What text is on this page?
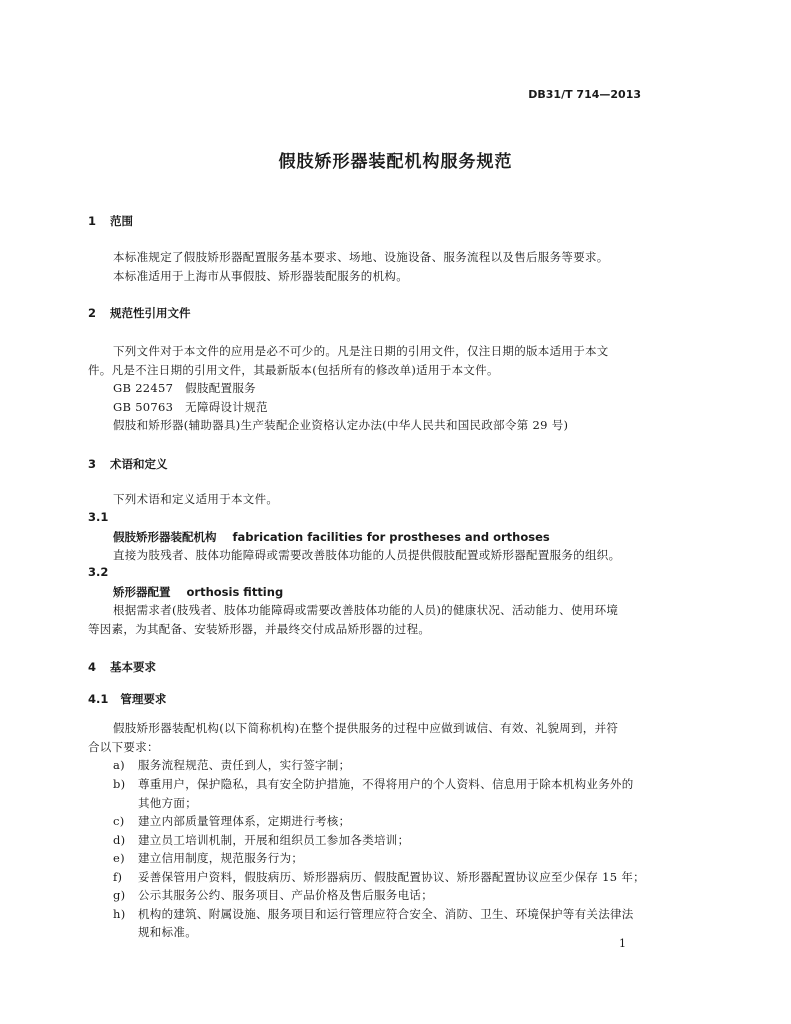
DB31/T 714—2013
假肢矫形器装配机构服务规范
1 范围
本标准规定了假肢矫形器配置服务基本要求、场地、设施设备、服务流程以及售后服务等要求。
本标准适用于上海市从事假肢、矫形器装配服务的机构。
2 规范性引用文件
下列文件对于本文件的应用是必不可少的。凡是注日期的引用文件，仅注日期的版本适用于本文
件。凡是不注日期的引用文件，其最新版本(包括所有的修改单)适用于本文件。
GB 22457 假肢配置服务
GB 50763 无障碍设计规范
假肢和矫形器(辅助器具)生产装配企业资格认定办法(中华人民共和国民政部令第 29 号)
3 术语和定义
下列术语和定义适用于本文件。
3.1
假肢矫形器装配机构 fabrication facilities for prostheses and orthoses
直接为肢残者、肢体功能障碍或需要改善肢体功能的人员提供假肢配置或矫形器配置服务的组织。
3.2
矫形器配置 orthosis fitting
根据需求者(肢残者、肢体功能障碍或需要改善肢体功能的人员)的健康状况、活动能力、使用环境
等因素，为其配备、安装矫形器，并最终交付成品矫形器的过程。
4 基本要求
4.1 管理要求
假肢矫形器装配机构(以下简称机构)在整个提供服务的过程中应做到诚信、有效、礼貌周到，并符
合以下要求：
a) 服务流程规范、责任到人，实行签字制；
b) 尊重用户，保护隐私，具有安全防护措施，不得将用户的个人资料、信息用于除本机构业务外的
其他方面；
c) 建立内部质量管理体系，定期进行考核；
d) 建立员工培训机制，开展和组织员工参加各类培训；
e) 建立信用制度，规范服务行为；
f) 妥善保管用户资料，假肢病历、矫形器病历、假肢配置协议、矫形器配置协议应至少保存 15 年；
g) 公示其服务公约、服务项目、产品价格及售后服务电话；
h) 机构的建筑、附属设施、服务项目和运行管理应符合安全、消防、卫生、环境保护等有关法律法
规和标准。
1
